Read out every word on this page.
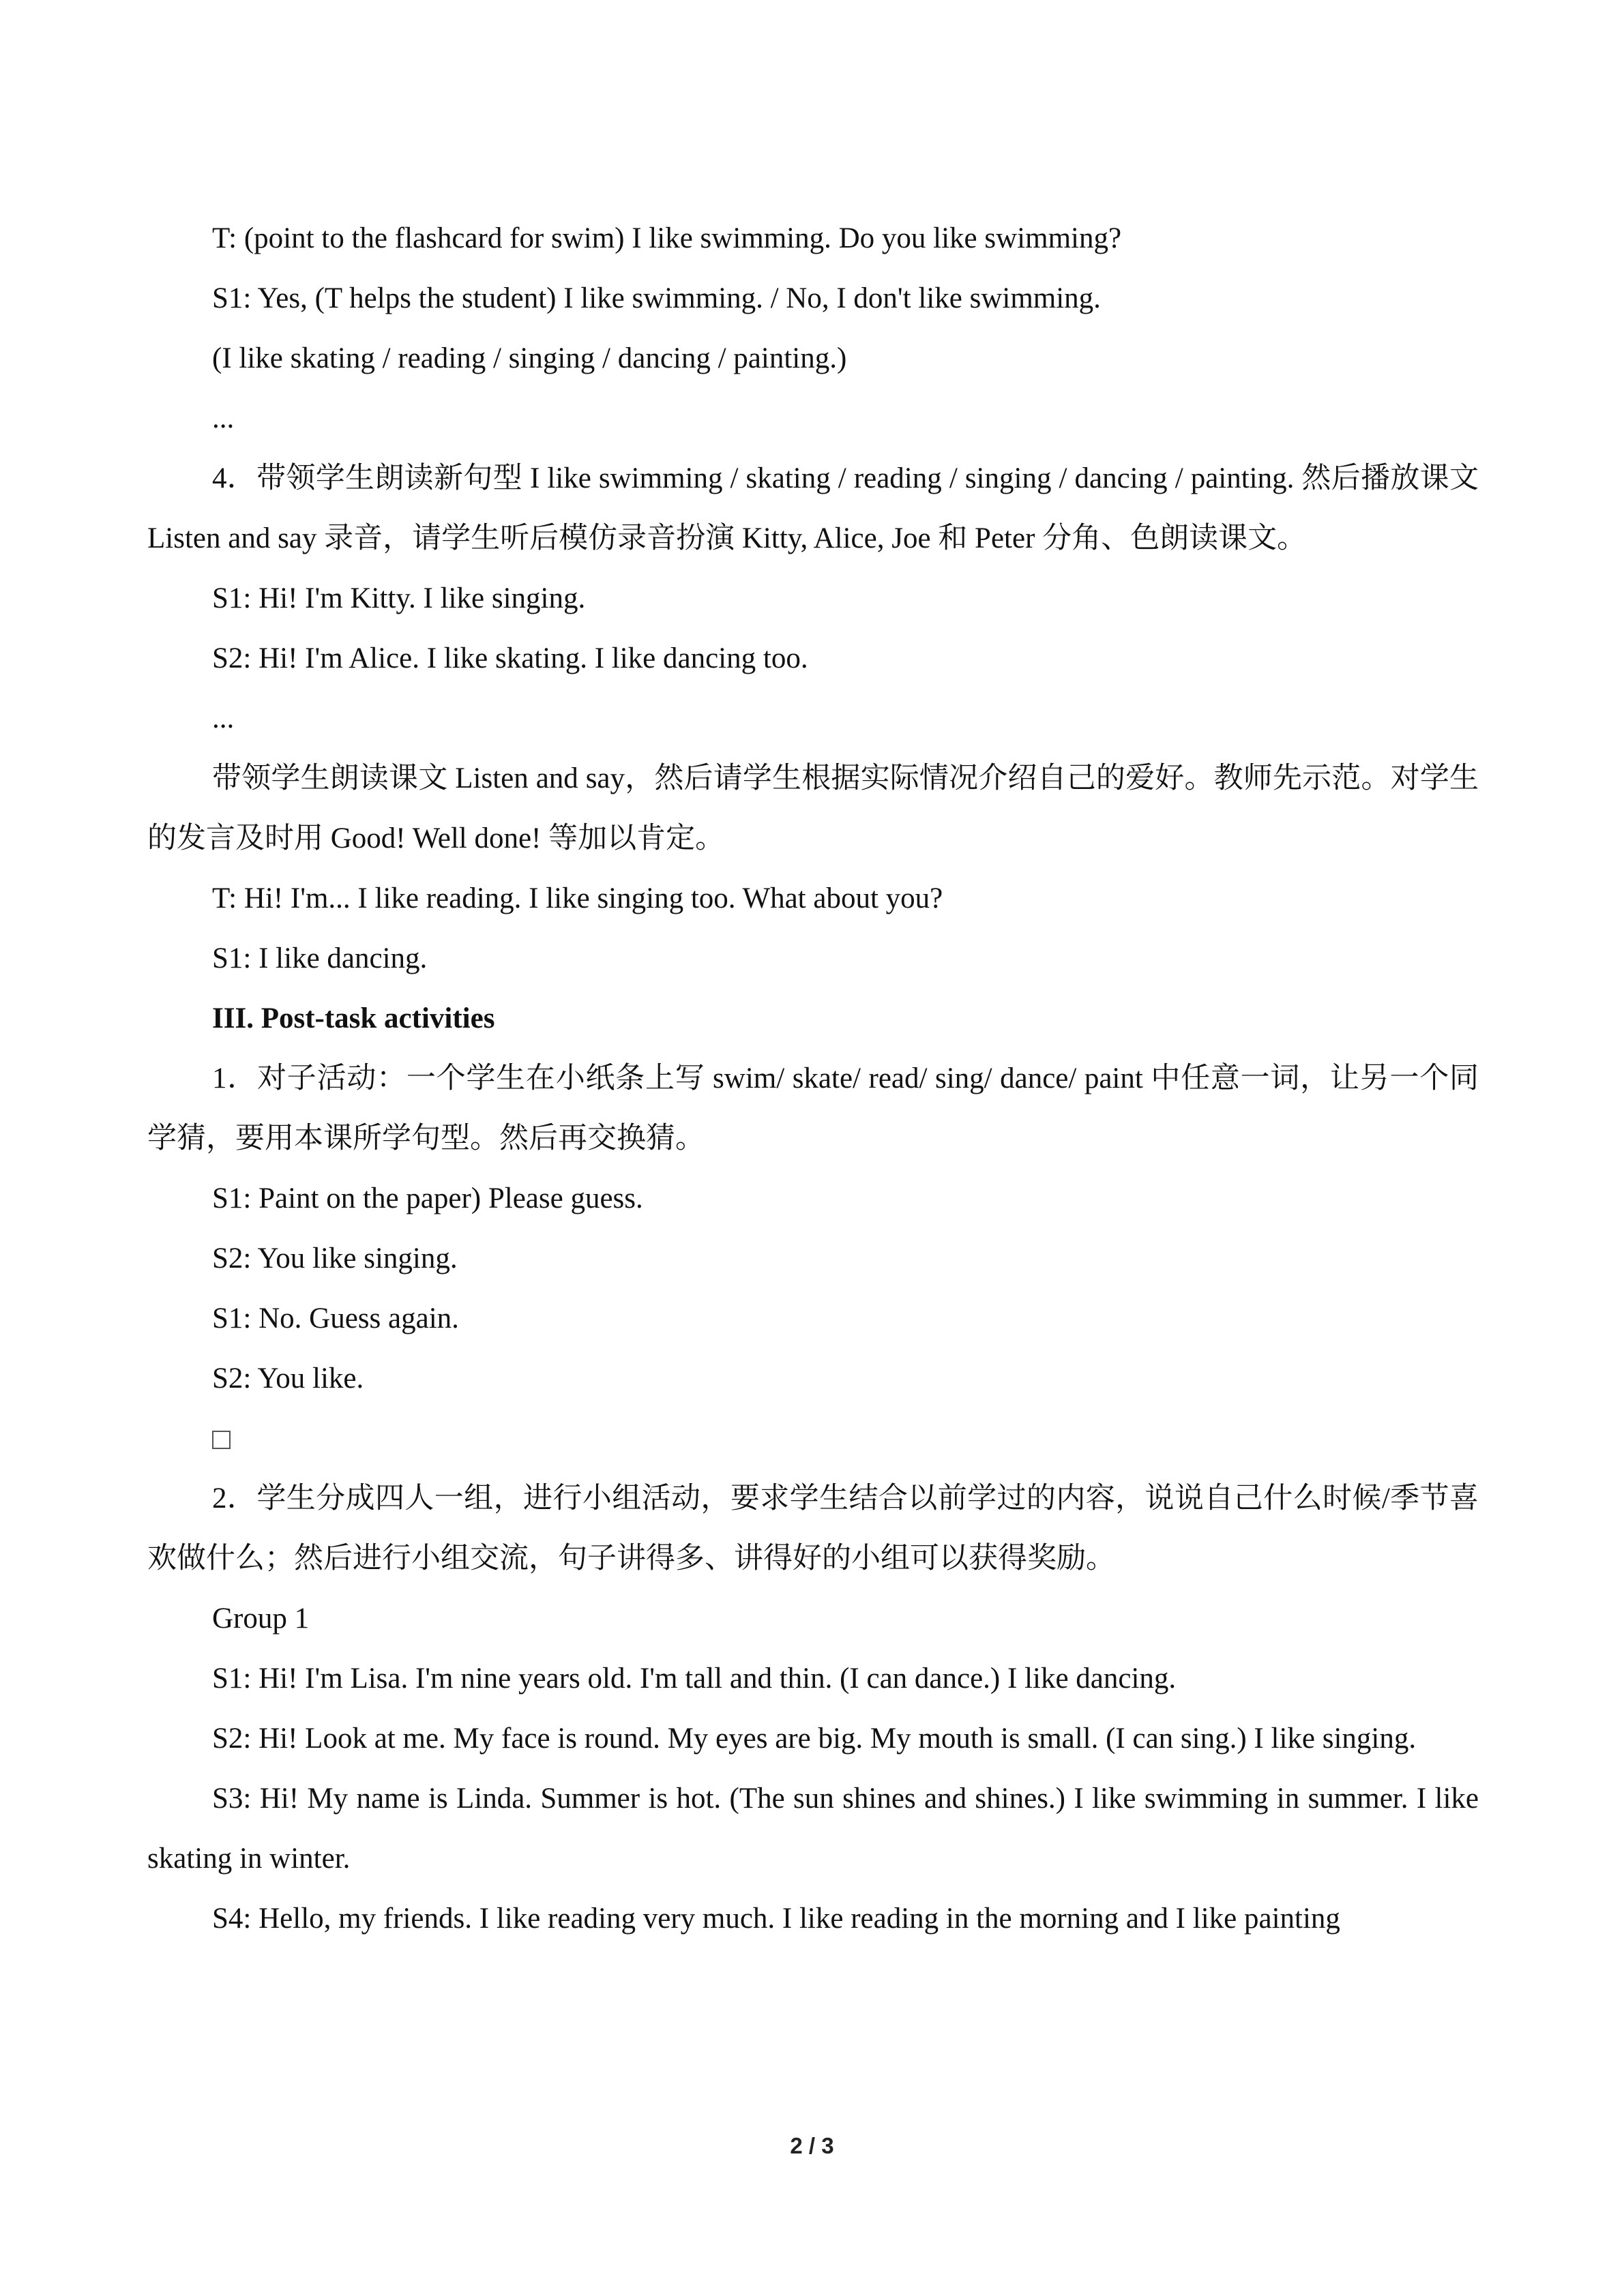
T: (point to the flashcard for swim) I like swimming. Do you like swimming?

S1: Yes, (T helps the student) I like swimming. / No, I don't like swimming.

(I like skating / reading / singing / dancing / painting.)

...

4．带领学生朗读新句型 I like swimming / skating / reading / singing / dancing / painting. 然后播放课文 Listen and say 录音，请学生听后模仿录音扮演 Kitty, Alice, Joe 和 Peter 分角、色朗读课文。

S1: Hi! I'm Kitty. I like singing.

S2: Hi! I'm Alice. I like skating. I like dancing too.

...

带领学生朗读课文 Listen and say，然后请学生根据实际情况介绍自己的爱好。教师先示范。对学生的发言及时用 Good! Well done! 等加以肯定。

T: Hi! I'm... I like reading. I like singing too. What about you?

S1: I like dancing.

III. Post-task activities

1．对子活动：一个学生在小纸条上写 swim/ skate/ read/ sing/ dance/ paint 中任意一词，让另一个同学猜，要用本课所学句型。然后再交换猜。

S1: Paint on the paper) Please guess.

S2: You like singing.

S1: No. Guess again.

S2: You like.

2．学生分成四人一组，进行小组活动，要求学生结合以前学过的内容，说说自己什么时候/季节喜欢做什么；然后进行小组交流，句子讲得多、讲得好的小组可以获得奖励。

Group 1

S1: Hi! I'm Lisa. I'm nine years old. I'm tall and thin. (I can dance.) I like dancing.

S2: Hi! Look at me. My face is round. My eyes are big. My mouth is small. (I can sing.) I like singing.

S3: Hi! My name is Linda. Summer is hot. (The sun shines and shines.) I like swimming in summer. I like skating in winter.

S4: Hello, my friends. I like reading very much. I like reading in the morning and I like painting

2 / 3
